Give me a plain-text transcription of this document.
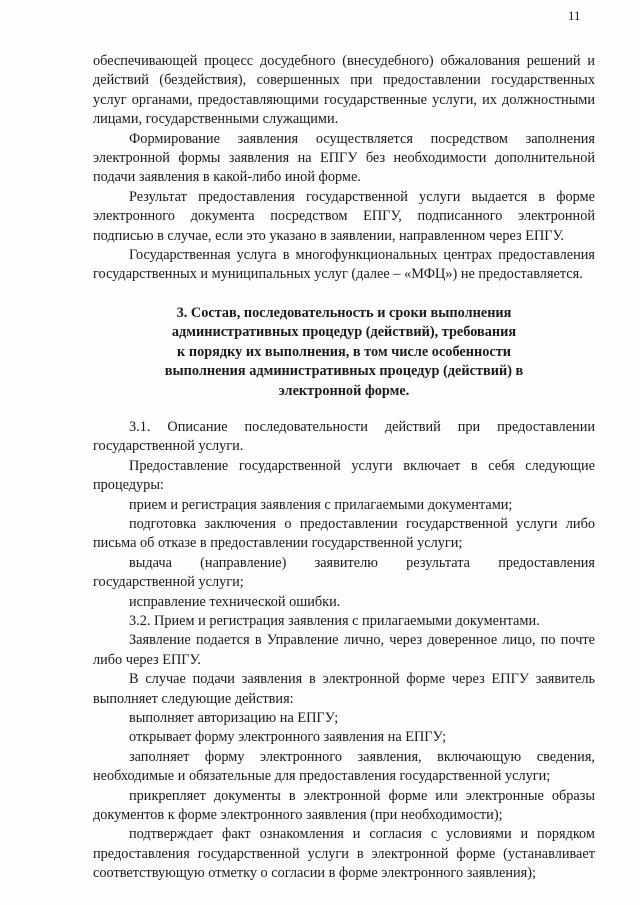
11

обеспечивающей процесс досудебного (внесудебного) обжалования решений и действий (бездействия), совершенных при предоставлении государственных услуг органами, предоставляющими государственные услуги, их должностными лицами, государственными служащими.

Формирование заявления осуществляется посредством заполнения электронной формы заявления на ЕПГУ без необходимости дополнительной подачи заявления в какой-либо иной форме.

Результат предоставления государственной услуги выдается в форме электронного документа посредством ЕПГУ, подписанного электронной подписью в случае, если это указано в заявлении, направленном через ЕПГУ.

Государственная услуга в многофункциональных центрах предоставления государственных и муниципальных услуг (далее – «МФЦ») не предоставляется.

3. Состав, последовательность и сроки выполнения
административных процедур (действий), требования
к порядку их выполнения, в том числе особенности
выполнения административных процедур (действий) в
электронной форме.

3.1. Описание последовательности действий при предоставлении государственной услуги.

Предоставление государственной услуги включает в себя следующие процедуры:

прием и регистрация заявления с прилагаемыми документами;

подготовка заключения о предоставлении государственной услуги либо письма об отказе в предоставлении государственной услуги;

выдача (направление) заявителю результата предоставления государственной услуги;

исправление технической ошибки.

3.2. Прием и регистрация заявления с прилагаемыми документами.

Заявление подается в Управление лично, через доверенное лицо, по почте либо через ЕПГУ.

В случае подачи заявления в электронной форме через ЕПГУ заявитель выполняет следующие действия:

выполняет авторизацию на ЕПГУ;

открывает форму электронного заявления на ЕПГУ;

заполняет форму электронного заявления, включающую сведения, необходимые и обязательные для предоставления государственной услуги;

прикрепляет документы в электронной форме или электронные образы документов к форме электронного заявления (при необходимости);

подтверждает факт ознакомления и согласия с условиями и порядком предоставления государственной услуги в электронной форме (устанавливает соответствующую отметку о согласии в форме электронного заявления);
